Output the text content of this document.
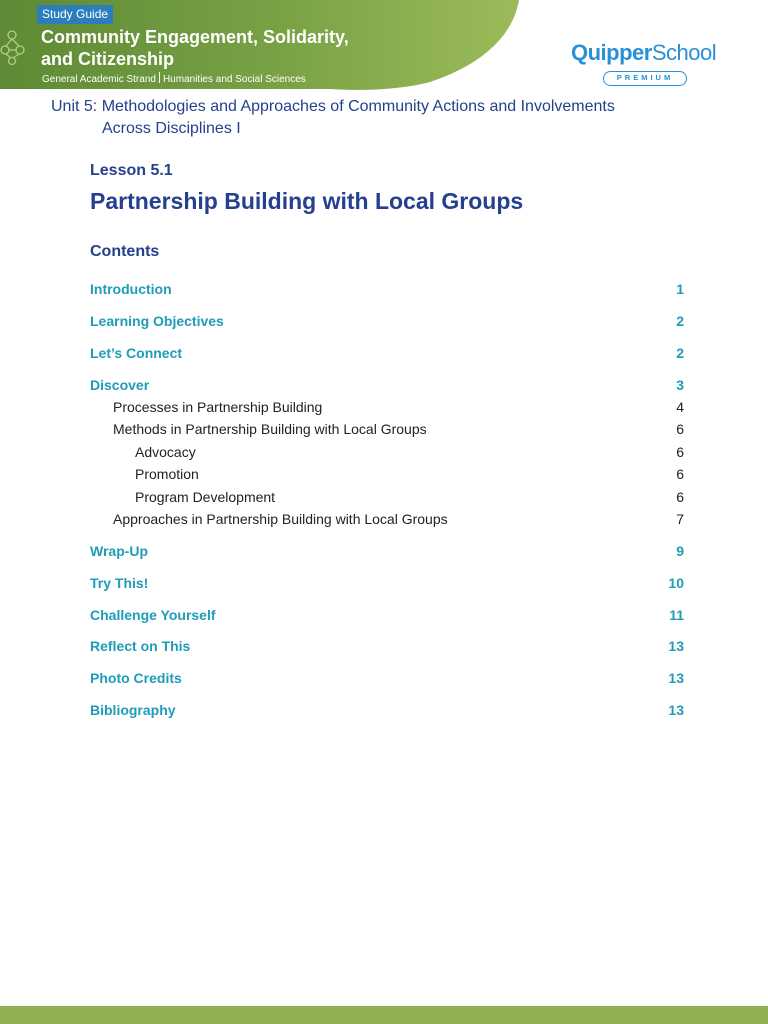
Study Guide
Community Engagement, Solidarity,
and Citizenship
General Academic Strand Humanities and Social Sciences
QuipperSchool
PREMIUM
Unit 5: Methodologies and Approaches of Community Actions and Involvements
Across Disciplines I
Lesson 5.1
Partnership Building with Local Groups
Contents
Introduction	1
Learning Objectives	2
Let’s Connect	2
Discover	3
Processes in Partnership Building	4
Methods in Partnership Building with Local Groups	6
Advocacy	6
Promotion	6
Program Development	6
Approaches in Partnership Building with Local Groups	7
Wrap-Up	9
Try This!	10
Challenge Yourself	11
Reflect on This	13
Photo Credits	13
Bibliography	13
